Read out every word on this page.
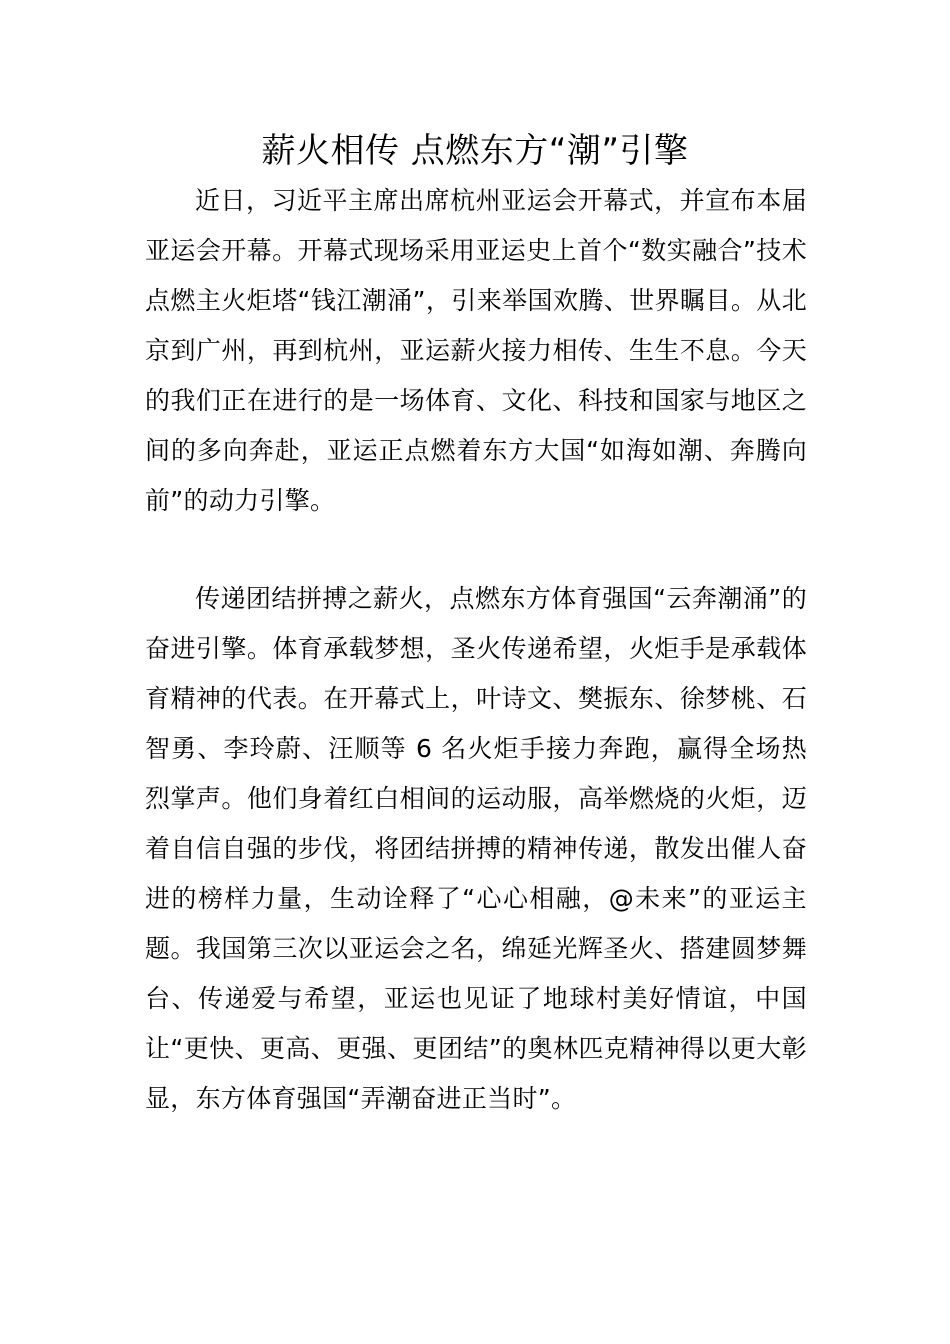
薪火相传 点燃东方“潮”引擎

近日，习近平主席出席杭州亚运会开幕式，并宣布本届亚运会开幕。开幕式现场采用亚运史上首个“数实融合”技术点燃主火炬塔“钱江潮涌”，引来举国欢腾、世界瞩目。从北京到广州，再到杭州，亚运薪火接力相传、生生不息。今天的我们正在进行的是一场体育、文化、科技和国家与地区之间的多向奔赴，亚运正点燃着东方大国“如海如潮、奔腾向前”的动力引擎。

传递团结拼搏之薪火，点燃东方体育强国“云奔潮涌”的奋进引擎。体育承载梦想，圣火传递希望，火炬手是承载体育精神的代表。在开幕式上，叶诗文、樊振东、徐梦桃、石智勇、李玲蔚、汪顺等 6 名火炬手接力奔跑，赢得全场热烈掌声。他们身着红白相间的运动服，高举燃烧的火炬，迈着自信自强的步伐，将团结拼搏的精神传递，散发出催人奋进的榜样力量，生动诠释了“心心相融，@未来”的亚运主题。我国第三次以亚运会之名，绵延光辉圣火、搭建圆梦舞台、传递爱与希望，亚运也见证了地球村美好情谊，中国让“更快、更高、更强、更团结”的奥林匹克精神得以更大彰显，东方体育强国“弄潮奋进正当时”。
